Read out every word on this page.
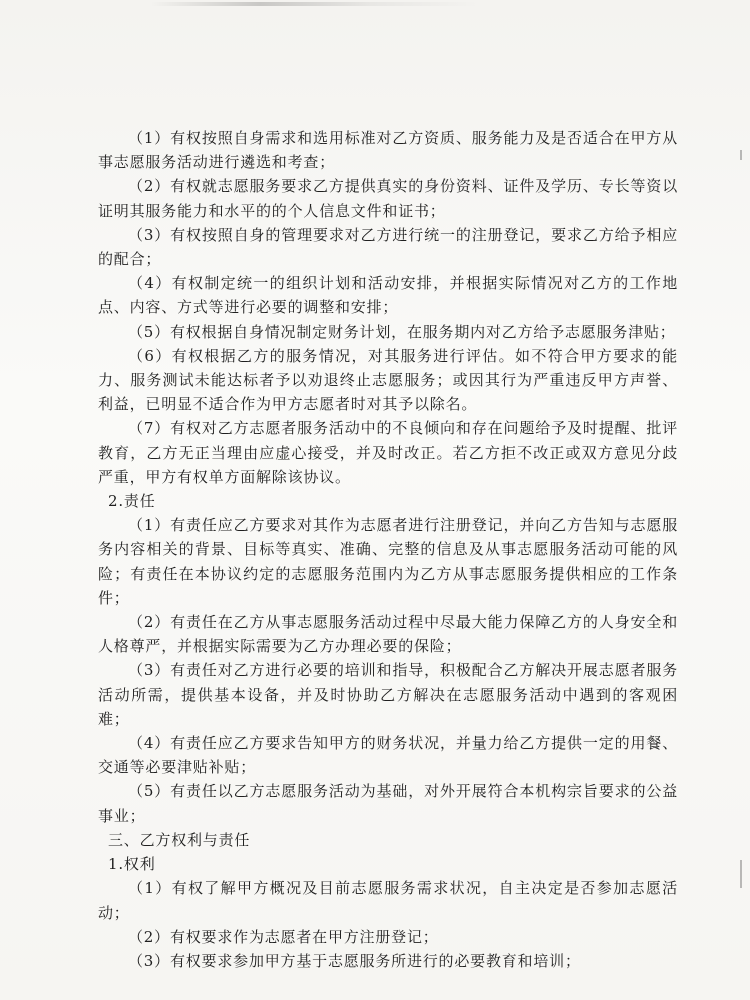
（1）有权按照自身需求和选用标准对乙方资质、服务能力及是否适合在甲方从事志愿服务活动进行遴选和考查；

（2）有权就志愿服务要求乙方提供真实的身份资料、证件及学历、专长等资以证明其服务能力和水平的的个人信息文件和证书；

（3）有权按照自身的管理要求对乙方进行统一的注册登记，要求乙方给予相应的配合；

（4）有权制定统一的组织计划和活动安排，并根据实际情况对乙方的工作地点、内容、方式等进行必要的调整和安排；

（5）有权根据自身情况制定财务计划，在服务期内对乙方给予志愿服务津贴；

（6）有权根据乙方的服务情况，对其服务进行评估。如不符合甲方要求的能力、服务测试未能达标者予以劝退终止志愿服务；或因其行为严重违反甲方声誉、利益，已明显不适合作为甲方志愿者时对其予以除名。

（7）有权对乙方志愿者服务活动中的不良倾向和存在问题给予及时提醒、批评教育，乙方无正当理由应虚心接受，并及时改正。若乙方拒不改正或双方意见分歧严重，甲方有权单方面解除该协议。

2.责任

（1）有责任应乙方要求对其作为志愿者进行注册登记，并向乙方告知与志愿服务内容相关的背景、目标等真实、准确、完整的信息及从事志愿服务活动可能的风险；有责任在本协议约定的志愿服务范围内为乙方从事志愿服务提供相应的工作条件；

（2）有责任在乙方从事志愿服务活动过程中尽最大能力保障乙方的人身安全和人格尊严，并根据实际需要为乙方办理必要的保险；

（3）有责任对乙方进行必要的培训和指导，积极配合乙方解决开展志愿者服务活动所需，提供基本设备，并及时协助乙方解决在志愿服务活动中遇到的客观困难；

（4）有责任应乙方要求告知甲方的财务状况，并量力给乙方提供一定的用餐、交通等必要津贴补贴；

（5）有责任以乙方志愿服务活动为基础，对外开展符合本机构宗旨要求的公益事业；

三、乙方权利与责任

1.权利

（1）有权了解甲方概况及目前志愿服务需求状况，自主决定是否参加志愿活动；

（2）有权要求作为志愿者在甲方注册登记；

（3）有权要求参加甲方基于志愿服务所进行的必要教育和培训；
